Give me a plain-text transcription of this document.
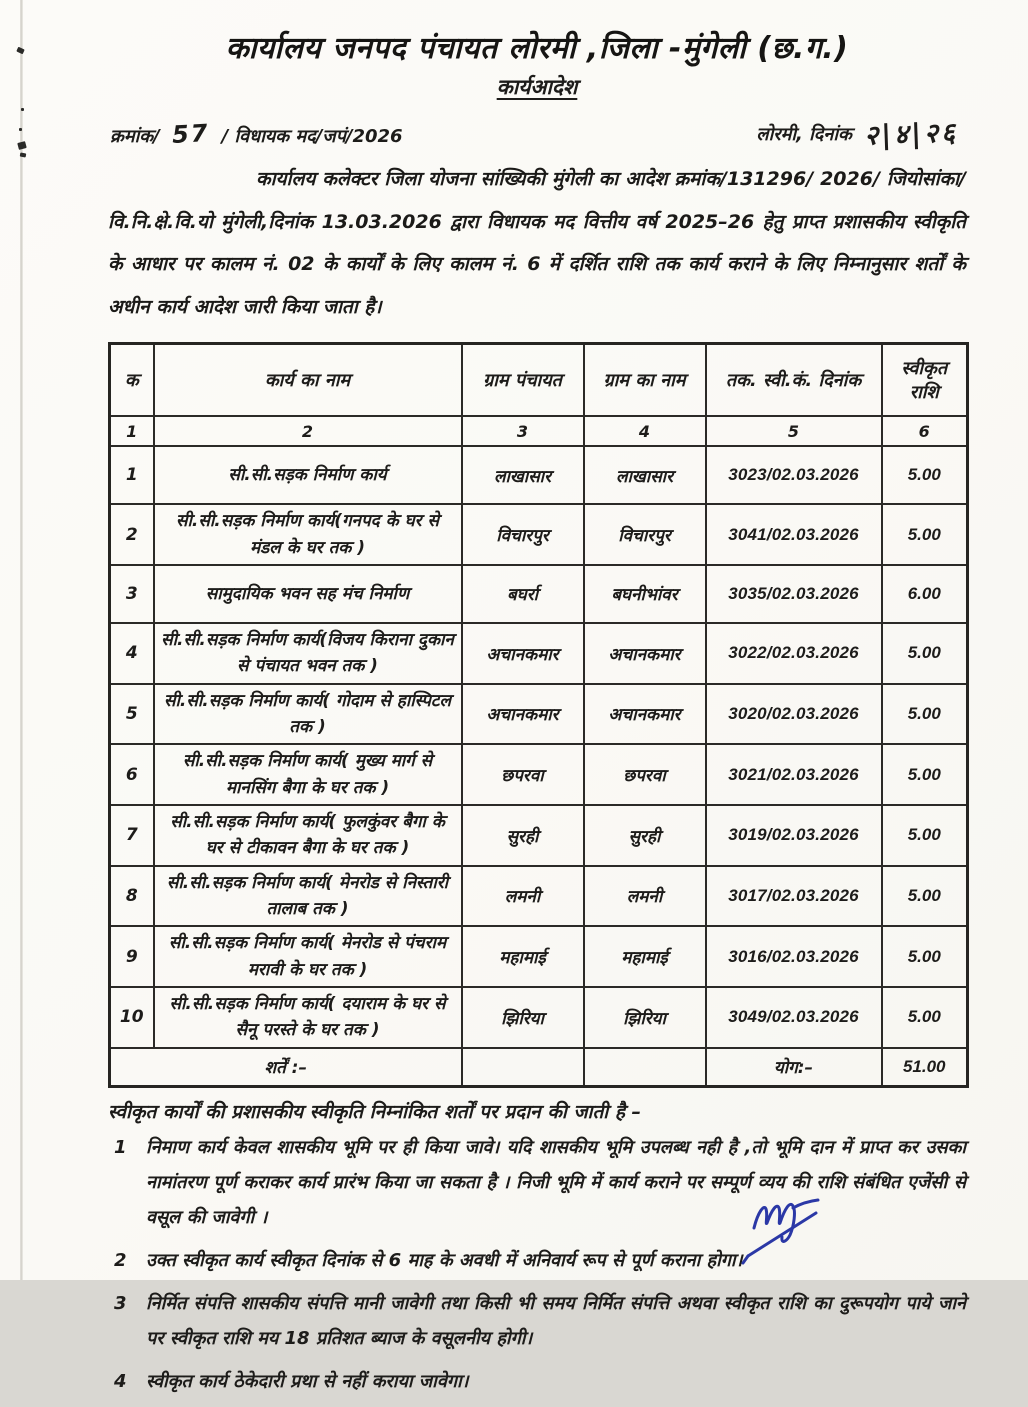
कार्यालय जनपद पंचायत लोरमी ,जिला -मुंगेली (छ.ग.)
कार्यआदेश
क्रमांक/ 57 / विधायक मद/जपं/2026	लोरमी, दिनांक २|४|२६

कार्यालय कलेक्टर जिला योजना सांख्यिकी मुंगेली का आदेश क्रमांक/131296/ 2026/ जियोसांका/वि.नि.क्षे.वि.यो मुंगेली,दिनांक 13.03.2026 द्वारा विधायक मद वित्तीय वर्ष 2025–26 हेतु प्राप्त प्रशासकीय स्वीकृति के आधार पर कालम नं. 02 के कार्यों के लिए कालम नं. 6 में दर्शित राशि तक कार्य कराने के लिए निम्नानुसार शर्तों के अधीन कार्य आदेश जारी किया जाता है।

क	कार्य का नाम	ग्राम पंचायत	ग्राम का नाम	तक. स्वी.कं. दिनांक	स्वीकृत राशि
1	2	3	4	5	6
1	सी.सी.सड़क निर्माण कार्य	लाखासार	लाखासार	3023/02.03.2026	5.00
2	सी.सी.सड़क निर्माण कार्य(गनपद के घर से मंडल के घर तक )	विचारपुर	विचारपुर	3041/02.03.2026	5.00
3	सामुदायिक भवन सह मंच निर्माण	बघर्रा	बघनीभांवर	3035/02.03.2026	6.00
4	सी.सी.सड़क निर्माण कार्य(विजय किराना दुकान से पंचायत भवन तक )	अचानकमार	अचानकमार	3022/02.03.2026	5.00
5	सी.सी.सड़क निर्माण कार्य( गोदाम से हास्पिटल तक )	अचानकमार	अचानकमार	3020/02.03.2026	5.00
6	सी.सी.सड़क निर्माण कार्य( मुख्य मार्ग से मानसिंग बैगा के घर तक )	छपरवा	छपरवा	3021/02.03.2026	5.00
7	सी.सी.सड़क निर्माण कार्य( फुलकुंवर बैगा के घर से टीकावन बैगा के घर तक )	सुरही	सुरही	3019/02.03.2026	5.00
8	सी.सी.सड़क निर्माण कार्य( मेनरोड से निस्तारी तालाब तक )	लमनी	लमनी	3017/02.03.2026	5.00
9	सी.सी.सड़क निर्माण कार्य( मेनरोड से पंचराम मरावी के घर तक )	महामाई	महामाई	3016/02.03.2026	5.00
10	सी.सी.सड़क निर्माण कार्य( दयाराम के घर से सैनू परस्ते के घर तक )	झिरिया	झिरिया	3049/02.03.2026	5.00
शर्तें :–				योग:–	51.00

स्वीकृत कार्यों की प्रशासकीय स्वीकृति निम्नांकित शर्तों पर प्रदान की जाती है –

1	निमाण कार्य केवल शासकीय भूमि पर ही किया जावे। यदि शासकीय भूमि उपलब्ध नही है ,तो भूमि दान में प्राप्त कर उसका नामांतरण पूर्ण कराकर कार्य प्रारंभ किया जा सकता है । निजी भूमि में कार्य कराने पर सम्पूर्ण व्यय की राशि संबंधित एजेंसी से वसूल की जावेगी ।
2	उक्त स्वीकृत कार्य स्वीकृत दिनांक से 6 माह के अवधी में अनिवार्य रूप से पूर्ण कराना होगा।
3	निर्मित संपत्ति शासकीय संपत्ति मानी जावेगी तथा किसी भी समय निर्मित संपत्ति अथवा स्वीकृत राशि का दुरूपयोग पाये जाने पर स्वीकृत राशि मय 18 प्रतिशत ब्याज के वसूलनीय होगी।
4	स्वीकृत कार्य ठेकेदारी प्रथा से नहीं कराया जावेगा।
